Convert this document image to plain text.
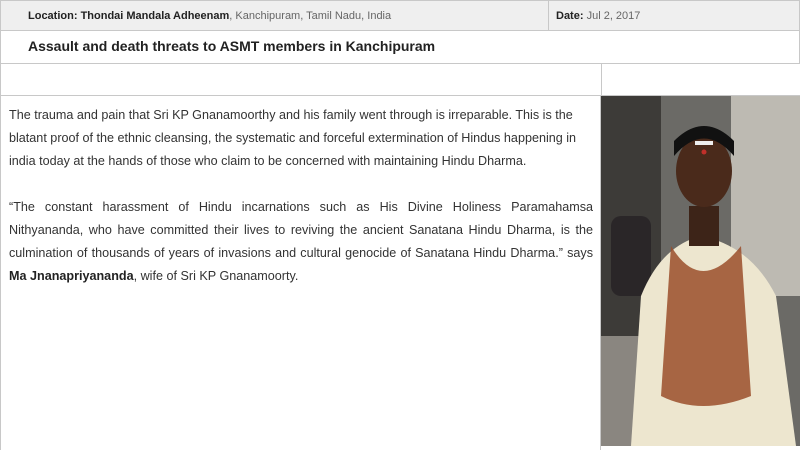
Location: Thondai Mandala Adheenam, Kanchipuram, Tamil Nadu, India	Date: Jul 2, 2017
Assault and death threats to ASMT members in Kanchipuram

The trauma and pain that Sri KP Gnanamoorthy and his family went through is irreparable. This is the
blatant proof of the ethnic cleansing, the systematic and forceful extermination of Hindus happening in
india today at the hands of those who claim to be concerned with maintaining Hindu Dharma.

“The constant harassment of Hindu incarnations such as His Divine Holiness Paramahamsa Nithyananda, who have committed their lives to reviving the ancient Sanatana Hindu Dharma, is the culmination of thousands of years of invasions and cultural genocide of Sanatana Hindu Dharma.” says Ma Jnanapriyananda, wife of Sri KP Gnanamoorty.
